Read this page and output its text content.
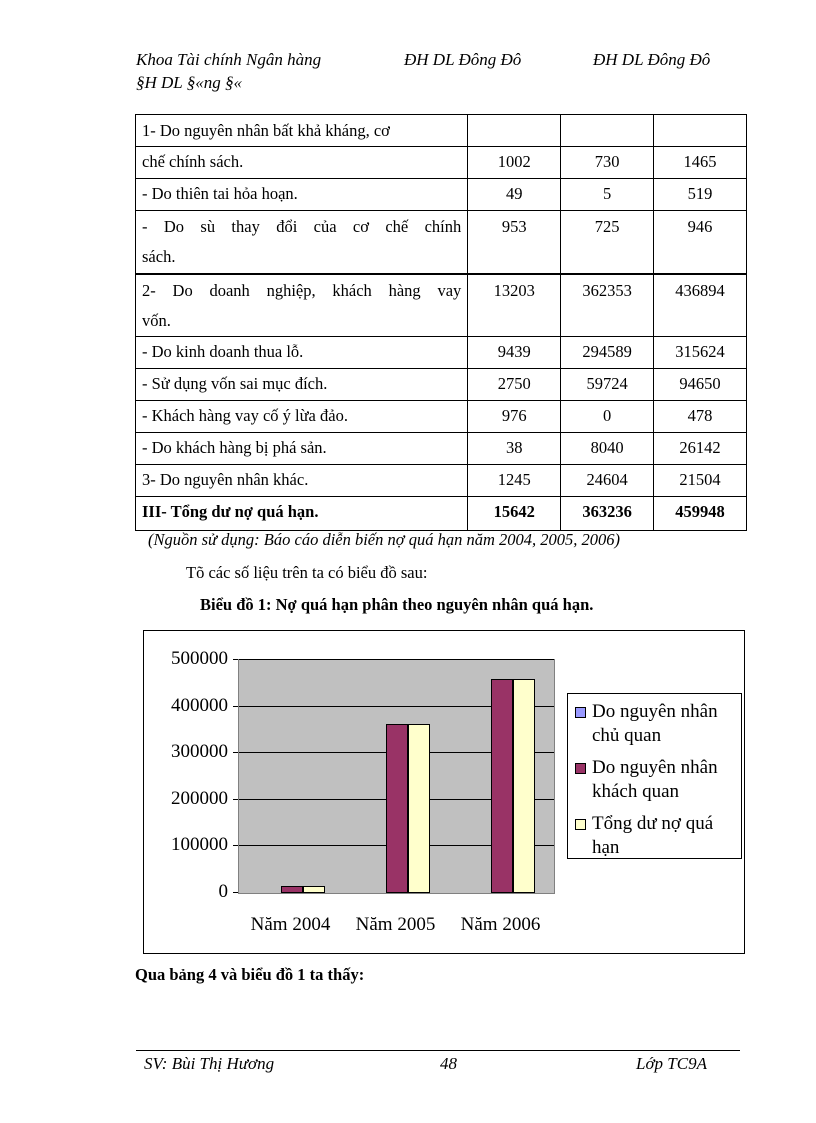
Khoa Tài chính Ngân hàng
§H DL §«ng §«
ĐH DL Đông Đô	ĐH DL Đông Đô
1- Do nguyên nhân bất khả kháng, cơ			
chế chính sách.	1002	730	1465
- Do thiên tai hỏa hoạn.	49	5	519

- Do sù thay đổi của cơ chế chính
sách.	953	725	946

2- Do doanh nghiệp, khách hàng vay
vốn.	13203	362353	436894
- Do kinh doanh thua lỗ.	9439	294589	315624
- Sử dụng vốn sai mục đích.	2750	59724	94650
- Khách hàng vay cố ý lừa đảo.	976	0	478
- Do khách hàng bị phá sản.	38	8040	26142
3- Do nguyên nhân khác.	1245	24604	21504
III- Tổng dư nợ quá hạn.	15642	363236	459948
(Nguồn sử dụng: Báo cáo diễn biến nợ quá hạn năm 2004, 2005, 2006)
Tõ các số liệu trên ta có biểu đồ sau:
Biểu đồ 1: Nợ quá hạn phân theo nguyên nhân quá hạn.
0
100000
200000
300000
400000
500000
Năm 2004	Năm 2005	Năm 2006
Do nguyên nhân
chủ quan
Do nguyên nhân
khách quan
Tổng dư nợ quá
hạn
Qua bảng 4 và biểu đồ 1 ta thấy:
SV: Bùi Thị Hương	48	Lớp TC9A
